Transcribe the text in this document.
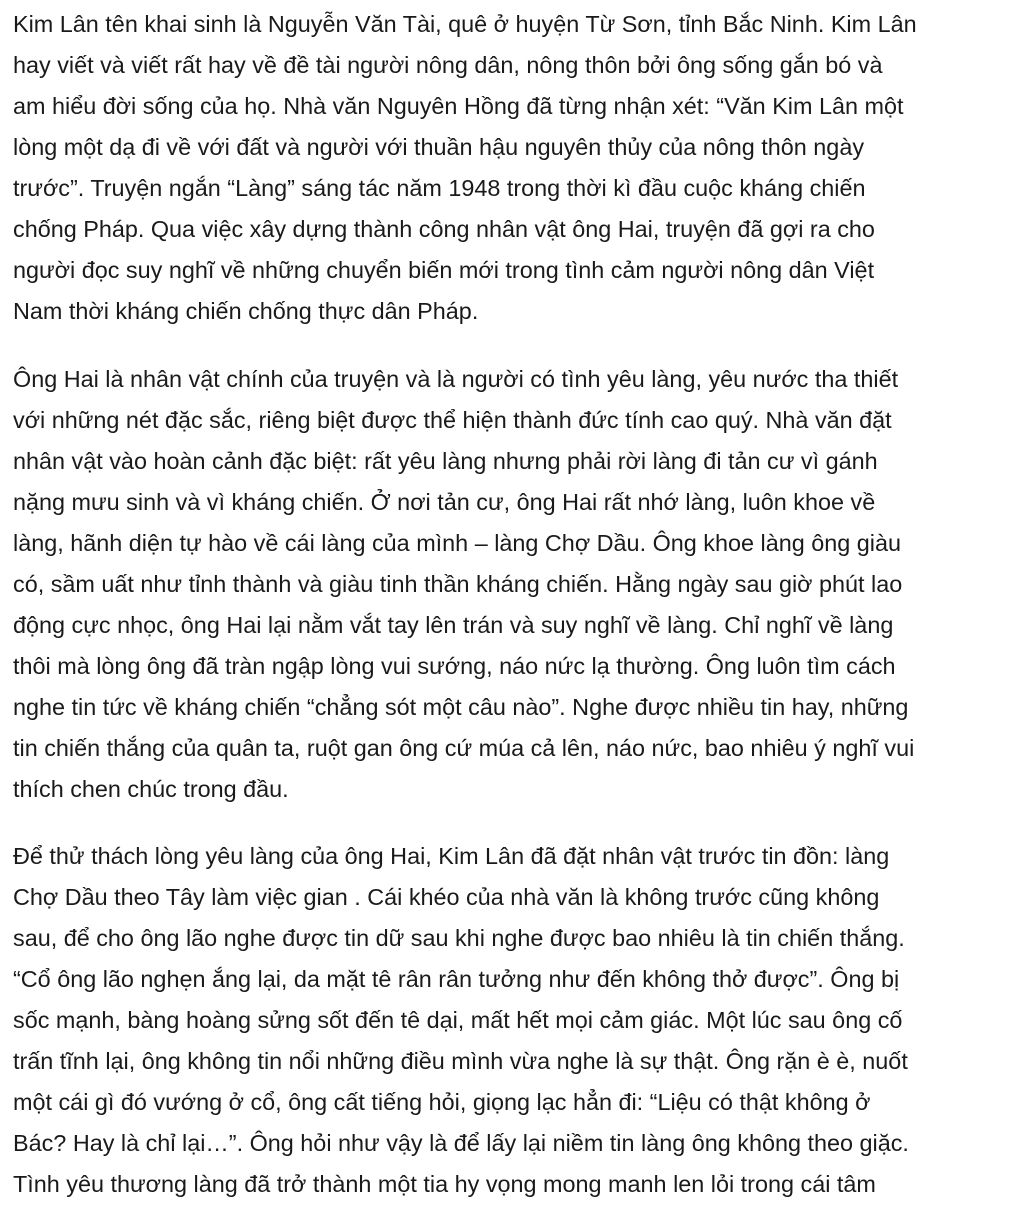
Kim Lân tên khai sinh là Nguyễn Văn Tài, quê ở huyện Từ Sơn, tỉnh Bắc Ninh. Kim Lân
hay viết và viết rất hay về đề tài người nông dân, nông thôn bởi ông sống gắn bó và
am hiểu đời sống của họ. Nhà văn Nguyên Hồng đã từng nhận xét: “Văn Kim Lân một
lòng một dạ đi về với đất và người với thuần hậu nguyên thủy của nông thôn ngày
trước”. Truyện ngắn “Làng” sáng tác năm 1948 trong thời kì đầu cuộc kháng chiến
chống Pháp. Qua việc xây dựng thành công nhân vật ông Hai, truyện đã gợi ra cho
người đọc suy nghĩ về những chuyển biến mới trong tình cảm người nông dân Việt
Nam thời kháng chiến chống thực dân Pháp.

Ông Hai là nhân vật chính của truyện và là người có tình yêu làng, yêu nước tha thiết
với những nét đặc sắc, riêng biệt được thể hiện thành đức tính cao quý. Nhà văn đặt
nhân vật vào hoàn cảnh đặc biệt: rất yêu làng nhưng phải rời làng đi tản cư vì gánh
nặng mưu sinh và vì kháng chiến. Ở nơi tản cư, ông Hai rất nhớ làng, luôn khoe về
làng, hãnh diện tự hào về cái làng của mình – làng Chợ Dầu. Ông khoe làng ông giàu
có, sầm uất như tỉnh thành và giàu tinh thần kháng chiến. Hằng ngày sau giờ phút lao
động cực nhọc, ông Hai lại nằm vắt tay lên trán và suy nghĩ về làng. Chỉ nghĩ về làng
thôi mà lòng ông đã tràn ngập lòng vui sướng, náo nức lạ thường. Ông luôn tìm cách
nghe tin tức về kháng chiến “chẳng sót một câu nào”. Nghe được nhiều tin hay, những
tin chiến thắng của quân ta, ruột gan ông cứ múa cả lên, náo nức, bao nhiêu ý nghĩ vui
thích chen chúc trong đầu.

Để thử thách lòng yêu làng của ông Hai, Kim Lân đã đặt nhân vật trước tin đồn: làng
Chợ Dầu theo Tây làm việc gian . Cái khéo của nhà văn là không trước cũng không
sau, để cho ông lão nghe được tin dữ sau khi nghe được bao nhiêu là tin chiến thắng.
“Cổ ông lão nghẹn ắng lại, da mặt tê rân rân tưởng như đến không thở được”. Ông bị
sốc mạnh, bàng hoàng sửng sốt đến tê dại, mất hết mọi cảm giác. Một lúc sau ông cố
trấn tĩnh lại, ông không tin nổi những điều mình vừa nghe là sự thật. Ông rặn è è, nuốt
một cái gì đó vướng ở cổ, ông cất tiếng hỏi, giọng lạc hẳn đi: “Liệu có thật không ở
Bác? Hay là chỉ lại…”. Ông hỏi như vậy là để lấy lại niềm tin làng ông không theo giặc.
Tình yêu thương làng đã trở thành một tia hy vọng mong manh len lỏi trong cái tâm
